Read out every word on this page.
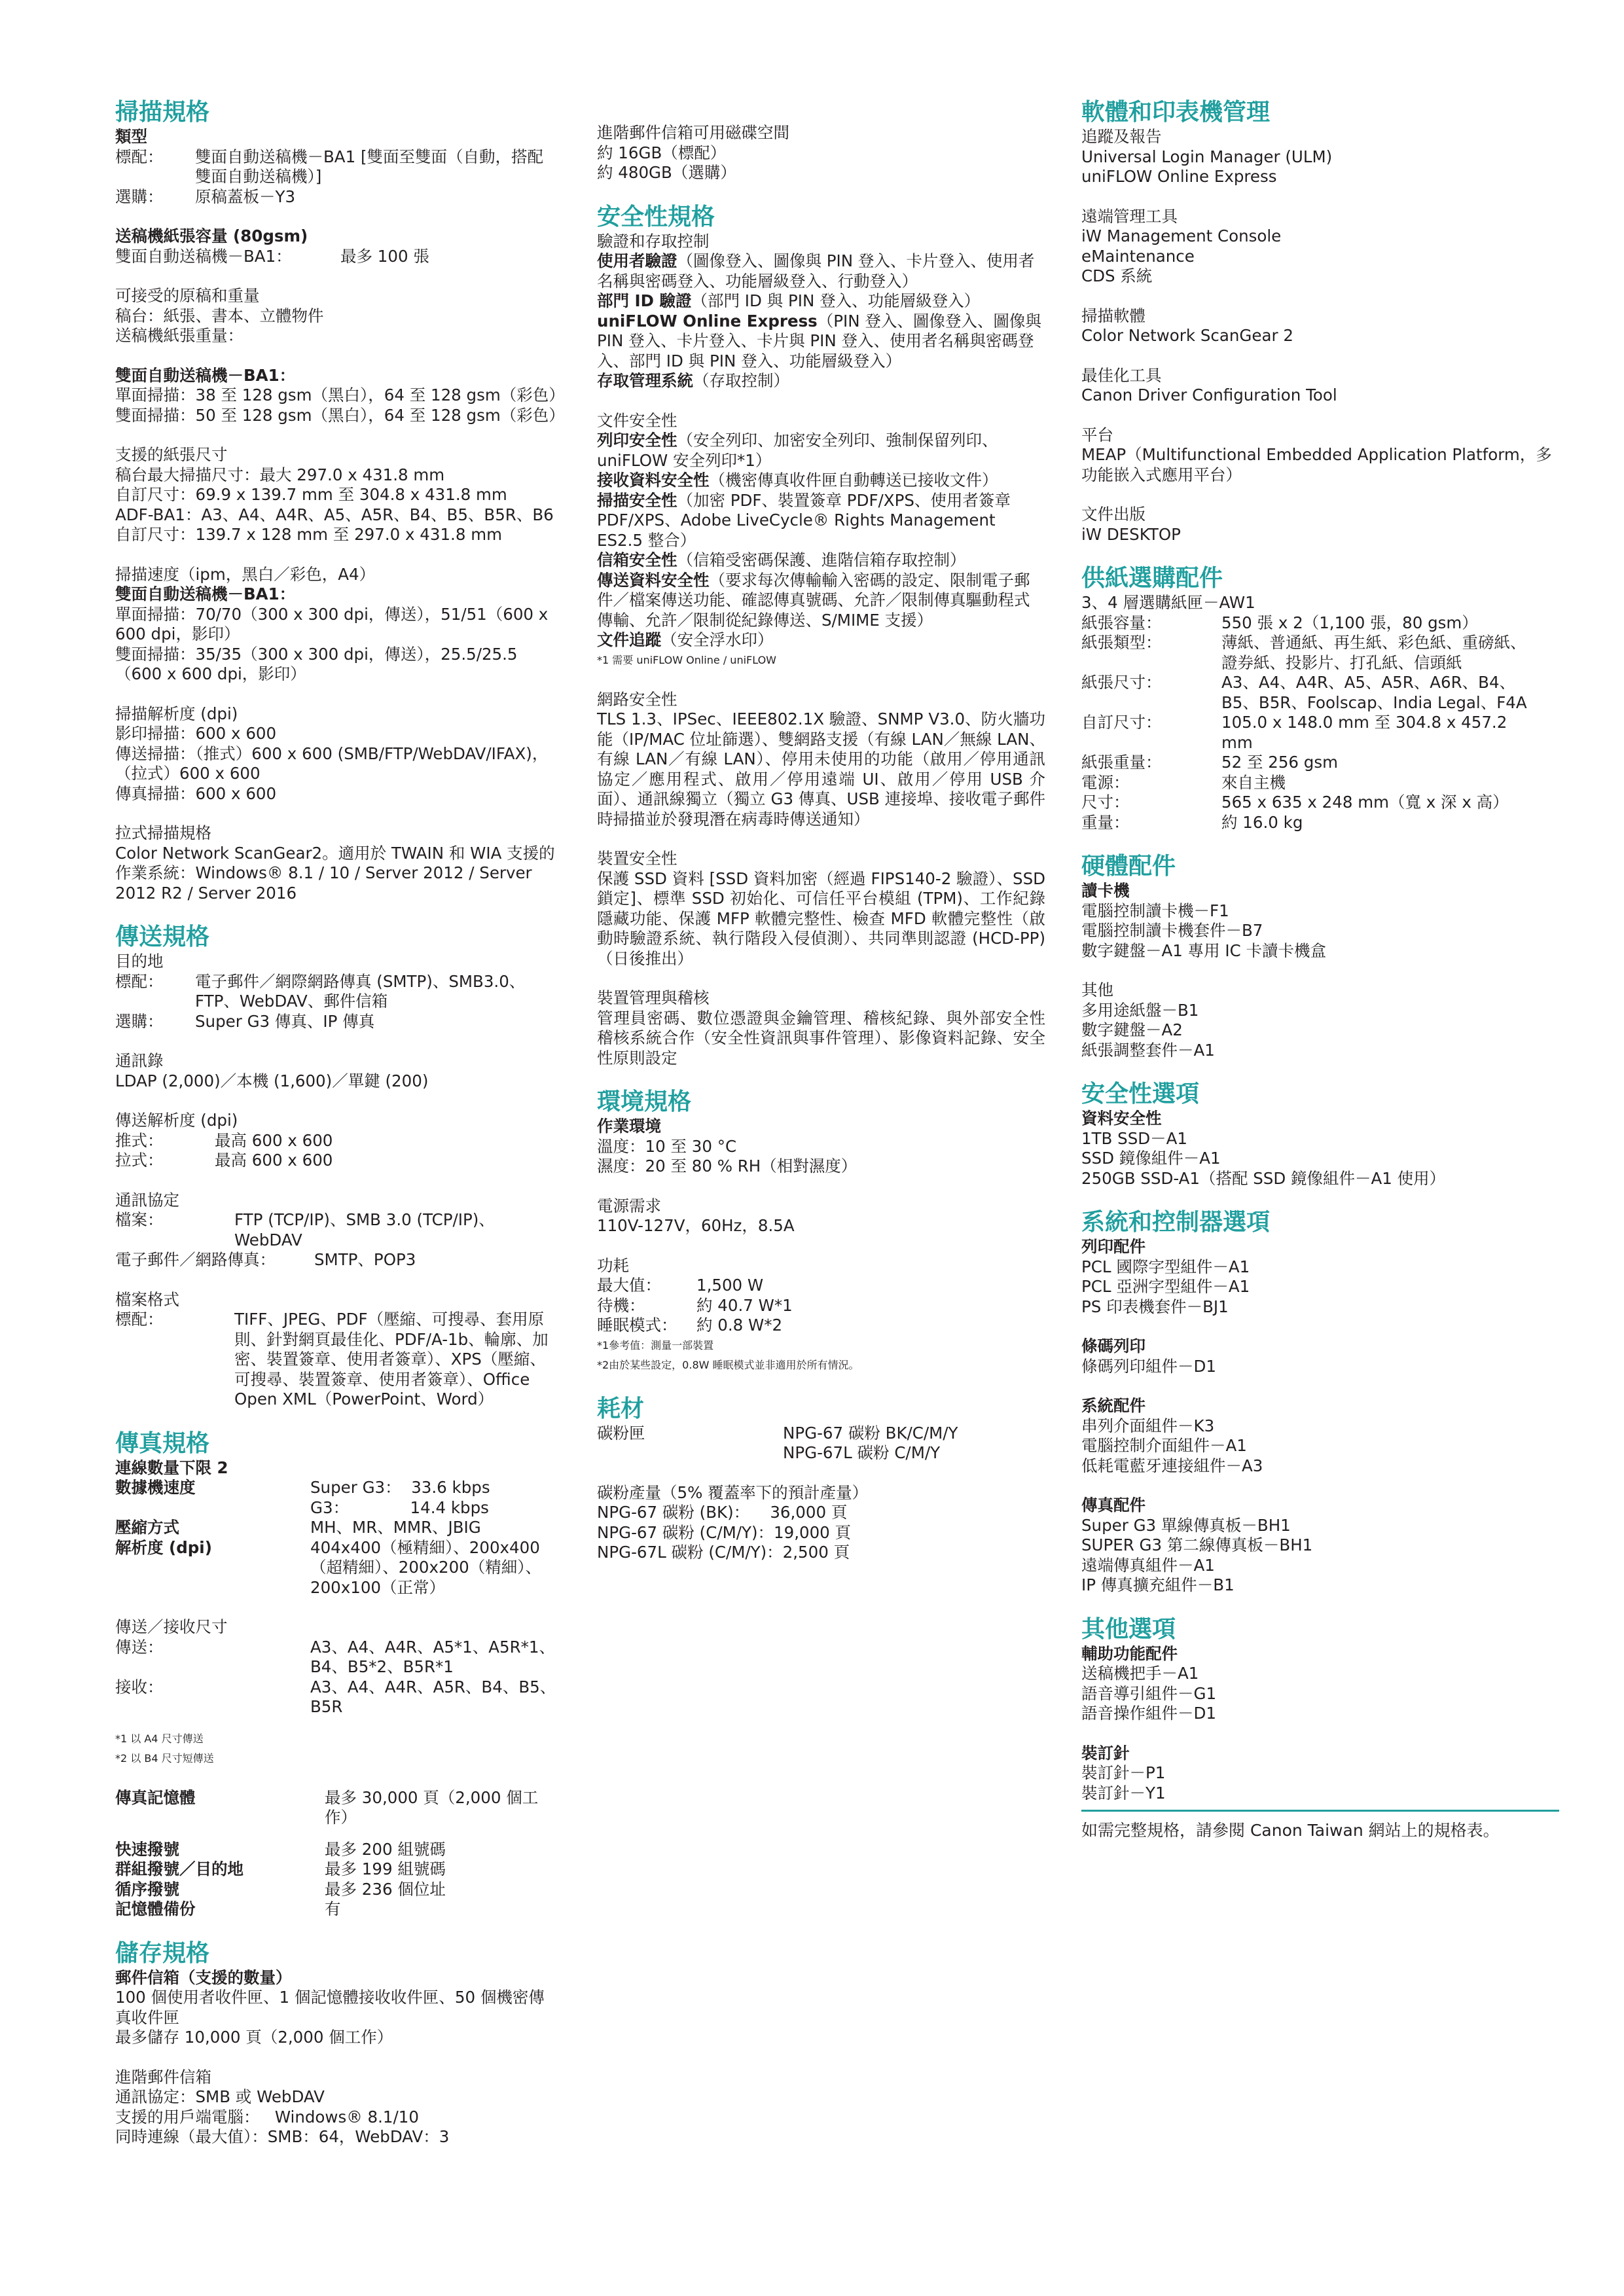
掃描規格
類型
標配：	雙面自動送稿機－BA1 [雙面至雙面（自動，搭配雙面自動送稿機）]
選購：	原稿蓋板－Y3
送稿機紙張容量 (80gsm)
雙面自動送稿機－BA1：	最多 100 張
可接受的原稿和重量
稿台：紙張、書本、立體物件
送稿機紙張重量：
雙面自動送稿機－BA1：
單面掃描：38 至 128 gsm（黑白），64 至 128 gsm（彩色）
雙面掃描：50 至 128 gsm（黑白），64 至 128 gsm（彩色）
支援的紙張尺寸
稿台最大掃描尺寸：最大 297.0 x 431.8 mm
自訂尺寸：69.9 x 139.7 mm 至 304.8 x 431.8 mm
ADF-BA1：A3、A4、A4R、A5、A5R、B4、B5、B5R、B6
自訂尺寸：139.7 x 128 mm 至 297.0 x 431.8 mm
掃描速度（ipm，黑白／彩色，A4）
雙面自動送稿機－BA1：
單面掃描：70/70（300 x 300 dpi，傳送），51/51（600 x 600 dpi，影印）
雙面掃描：35/35（300 x 300 dpi，傳送），25.5/25.5（600 x 600 dpi，影印）
掃描解析度 (dpi)
影印掃描：600 x 600
傳送掃描：（推式）600 x 600 (SMB/FTP/WebDAV/IFAX)，（拉式）600 x 600
傳真掃描：600 x 600
拉式掃描規格
Color Network ScanGear2。適用於 TWAIN 和 WIA 支援的作業系統：Windows® 8.1 / 10 / Server 2012 / Server 2012 R2 / Server 2016
傳送規格
目的地
標配：	電子郵件／網際網路傳真 (SMTP)、SMB3.0、FTP、WebDAV、郵件信箱
選購：	Super G3 傳真、IP 傳真
通訊錄
LDAP (2,000)／本機 (1,600)／單鍵 (200)
傳送解析度 (dpi)
推式：	最高 600 x 600
拉式：	最高 600 x 600
通訊協定
檔案：	FTP (TCP/IP)、SMB 3.0 (TCP/IP)、WebDAV
電子郵件／網路傳真：	SMTP、POP3
檔案格式
標配：	TIFF、JPEG、PDF（壓縮、可搜尋、套用原則、針對網頁最佳化、PDF/A-1b、輪廓、加密、裝置簽章、使用者簽章）、XPS（壓縮、可搜尋、裝置簽章、使用者簽章）、Office Open XML（PowerPoint、Word）
傳真規格
連線數量下限 2
數據機速度	Super G3：  33.6 kbps
G3：            14.4 kbps
壓縮方式	MH、MR、MMR、JBIG
解析度 (dpi)	404x400（極精細）、200x400（超精細）、200x200（精細）、200x100（正常）
傳送／接收尺寸
傳送：	A3、A4、A4R、A5*1、A5R*1、B4、B5*2、B5R*1
接收：	A3、A4、A4R、A5R、B4、B5、B5R
*1 以 A4 尺寸傳送
*2 以 B4 尺寸短傳送
傳真記憶體	最多 30,000 頁（2,000 個工作）
快速撥號	最多 200 組號碼
群組撥號／目的地	最多 199 組號碼
循序撥號	最多 236 個位址
記憶體備份	有
儲存規格
郵件信箱（支援的數量）
100 個使用者收件匣、1 個記憶體接收收件匣、50 個機密傳真收件匣
最多儲存 10,000 頁（2,000 個工作）
進階郵件信箱
通訊協定：SMB 或 WebDAV
支援的用戶端電腦：   Windows® 8.1/10
同時連線（最大值）：SMB：64，WebDAV：3
進階郵件信箱可用磁碟空間
約 16GB（標配）
約 480GB（選購）
安全性規格
驗證和存取控制
使用者驗證（圖像登入、圖像與 PIN 登入、卡片登入、使用者名稱與密碼登入、功能層級登入、行動登入）
部門 ID 驗證（部門 ID 與 PIN 登入、功能層級登入）
uniFLOW Online Express（PIN 登入、圖像登入、圖像與 PIN 登入、卡片登入、卡片與 PIN 登入、使用者名稱與密碼登入、部門 ID 與 PIN 登入、功能層級登入）
存取管理系統（存取控制）
文件安全性
列印安全性（安全列印、加密安全列印、強制保留列印、uniFLOW 安全列印*1）
接收資料安全性（機密傳真收件匣自動轉送已接收文件）
掃描安全性（加密 PDF、裝置簽章 PDF/XPS、使用者簽章 PDF/XPS、Adobe LiveCycle® Rights Management ES2.5 整合）
信箱安全性（信箱受密碼保護、進階信箱存取控制）
傳送資料安全性（要求每次傳輸輸入密碼的設定、限制電子郵件／檔案傳送功能、確認傳真號碼、允許／限制傳真驅動程式傳輸、允許／限制從紀錄傳送、S/MIME 支援）
文件追蹤（安全浮水印）
*1 需要 uniFLOW Online / uniFLOW
網路安全性
TLS 1.3、IPSec、IEEE802.1X 驗證、SNMP V3.0、防火牆功能（IP/MAC 位址篩選）、雙網路支援（有線 LAN／無線 LAN、有線 LAN／有線 LAN）、停用未使用的功能（啟用／停用通訊協定／應用程式、啟用／停用遠端 UI、啟用／停用 USB 介面）、通訊線獨立（獨立 G3 傳真、USB 連接埠、接收電子郵件時掃描並於發現潛在病毒時傳送通知）
裝置安全性
保護 SSD 資料 [SSD 資料加密（經過 FIPS140-2 驗證）、SSD 鎖定]、標準 SSD 初始化、可信任平台模組 (TPM)、工作紀錄隱藏功能、保護 MFP 軟體完整性、檢查 MFD 軟體完整性（啟動時驗證系統、執行階段入侵偵測）、共同準則認證 (HCD-PP)（日後推出）
裝置管理與稽核
管理員密碼、數位憑證與金鑰管理、稽核紀錄、與外部安全性稽核系統合作（安全性資訊與事件管理）、影像資料記錄、安全性原則設定
環境規格
作業環境
溫度：10 至 30 °C
濕度：20 至 80 % RH（相對濕度）
電源需求
110V-127V，60Hz，8.5A
功耗
最大值：	1,500 W
待機：	約 40.7 W*1
睡眠模式：	約 0.8 W*2
*1參考值：測量一部裝置
*2由於某些設定，0.8W 睡眠模式並非適用於所有情況。
耗材
碳粉匣	NPG-67 碳粉 BK/C/M/Y
NPG-67L 碳粉 C/M/Y
碳粉產量（5% 覆蓋率下的預計產量）
NPG-67 碳粉 (BK)：    36,000 頁
NPG-67 碳粉 (C/M/Y)：19,000 頁
NPG-67L 碳粉 (C/M/Y)：2,500 頁
軟體和印表機管理
追蹤及報告
Universal Login Manager (ULM)
uniFLOW Online Express
遠端管理工具
iW Management Console
eMaintenance
CDS 系統
掃描軟體
Color Network ScanGear 2
最佳化工具
Canon Driver Configuration Tool
平台
MEAP（Multifunctional Embedded Application Platform，多功能嵌入式應用平台）
文件出版
iW DESKTOP
供紙選購配件
3、4 層選購紙匣－AW1
紙張容量：	550 張 x 2（1,100 張，80 gsm）
紙張類型：	薄紙、普通紙、再生紙、彩色紙、重磅紙、證券紙、投影片、打孔紙、信頭紙
紙張尺寸：	A3、A4、A4R、A5、A5R、A6R、B4、B5、B5R、Foolscap、India Legal、F4A
自訂尺寸：	105.0 x 148.0 mm 至 304.8 x 457.2 mm
紙張重量：	52 至 256 gsm
電源：	來自主機
尺寸：	565 x 635 x 248 mm（寬 x 深 x 高）
重量：	約 16.0 kg
硬體配件
讀卡機
電腦控制讀卡機－F1
電腦控制讀卡機套件－B7
數字鍵盤－A1 專用 IC 卡讀卡機盒
其他
多用途紙盤－B1
數字鍵盤－A2
紙張調整套件－A1
安全性選項
資料安全性
1TB SSD－A1
SSD 鏡像組件－A1
250GB SSD-A1（搭配 SSD 鏡像組件－A1 使用）
系統和控制器選項
列印配件
PCL 國際字型組件－A1
PCL 亞洲字型組件－A1
PS 印表機套件－BJ1
條碼列印
條碼列印組件－D1
系統配件
串列介面組件－K3
電腦控制介面組件－A1
低耗電藍牙連接組件－A3
傳真配件
Super G3 單線傳真板－BH1
SUPER G3 第二線傳真板－BH1
遠端傳真組件－A1
IP 傳真擴充組件－B1
其他選項
輔助功能配件
送稿機把手－A1
語音導引組件－G1
語音操作組件－D1
裝訂針
裝訂針－P1
裝訂針－Y1
如需完整規格，請參閱 Canon Taiwan 網站上的規格表。
